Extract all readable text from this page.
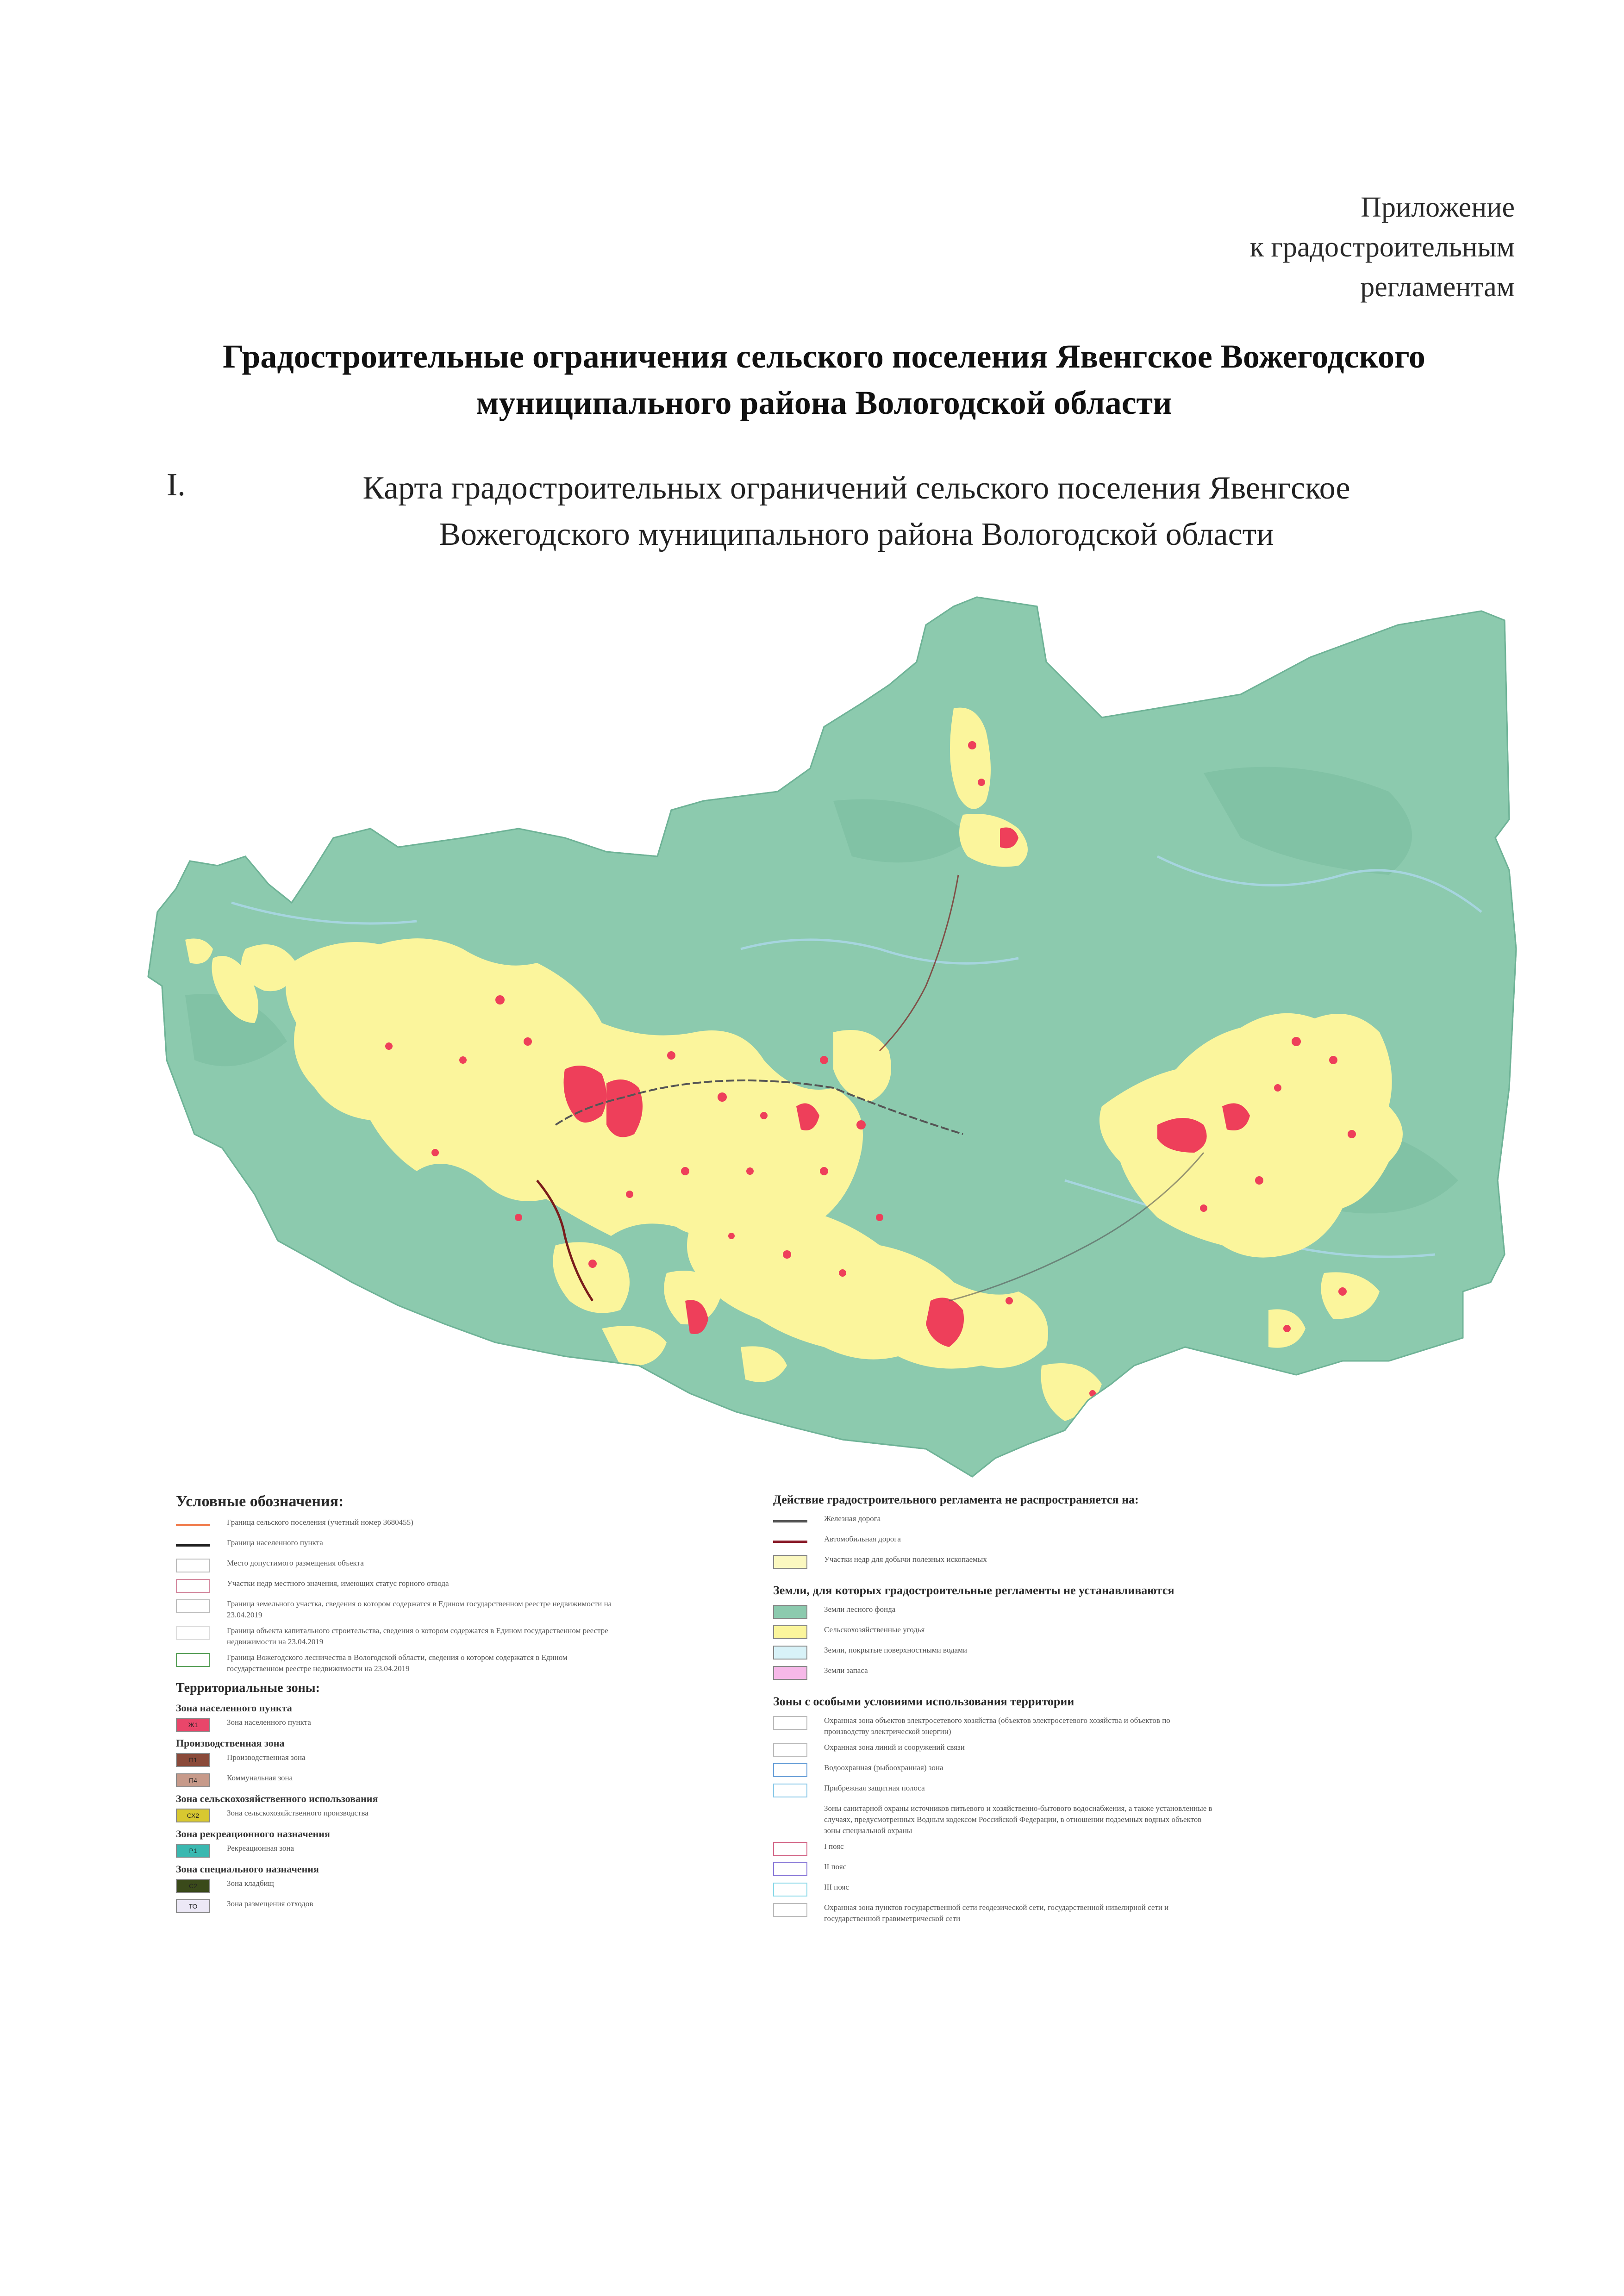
Приложение
к градостроительным
регламентам
Градостроительные ограничения сельского поселения Явенгское Вожегодского
муниципального района Вологодской области
I.	Карта градостроительных ограничений сельского поселения Явенгское
Вожегодского муниципального района Вологодской области
Условные обозначения:
Граница сельского поселения (учетный номер 3680455)
Граница населенного пункта
Место допустимого размещения объекта
Участки недр местного значения, имеющих статус горного отвода
Граница земельного участка, сведения о котором содержатся в Едином государственном реестре недвижимости на 23.04.2019
Граница объекта капитального строительства, сведения о котором содержатся в Едином государственном реестре недвижимости на 23.04.2019
Граница Вожегодского лесничества в Вологодской области, сведения о котором содержатся в Едином государственном реестре недвижимости на 23.04.2019
Территориальные зоны:
Зона населенного пункта
Ж1	Зона населенного пункта
Производственная зона
П1	Производственная зона
П4	Коммунальная зона
Зона сельскохозяйственного использования
СХ2	Зона сельскохозяйственного производства
Зона рекреационного назначения
Р1	Рекреационная зона
Зона специального назначения
С2	Зона кладбищ
ТО	Зона размещения отходов
Действие градостроительного регламента не распространяется на:
Железная дорога
Автомобильная дорога
Участки недр для добычи полезных ископаемых
Земли, для которых градостроительные регламенты не устанавливаются
Земли лесного фонда
Сельскохозяйственные угодья
Земли, покрытые поверхностными водами
Земли запаса
Зоны с особыми условиями использования территории
Охранная зона объектов электросетевого хозяйства (объектов электросетевого хозяйства и объектов по производству электрической энергии)
Охранная зона линий и сооружений связи
Водоохранная (рыбоохранная) зона
Прибрежная защитная полоса
Зоны санитарной охраны источников питьевого и хозяйственно-бытового водоснабжения, а также установленные в случаях, предусмотренных Водным кодексом Российской Федерации, в отношении подземных водных объектов зоны специальной охраны
I пояс
II пояс
III пояс
Охранная зона пунктов государственной сети геодезической сети, государственной нивелирной сети и государственной гравиметрической сети
